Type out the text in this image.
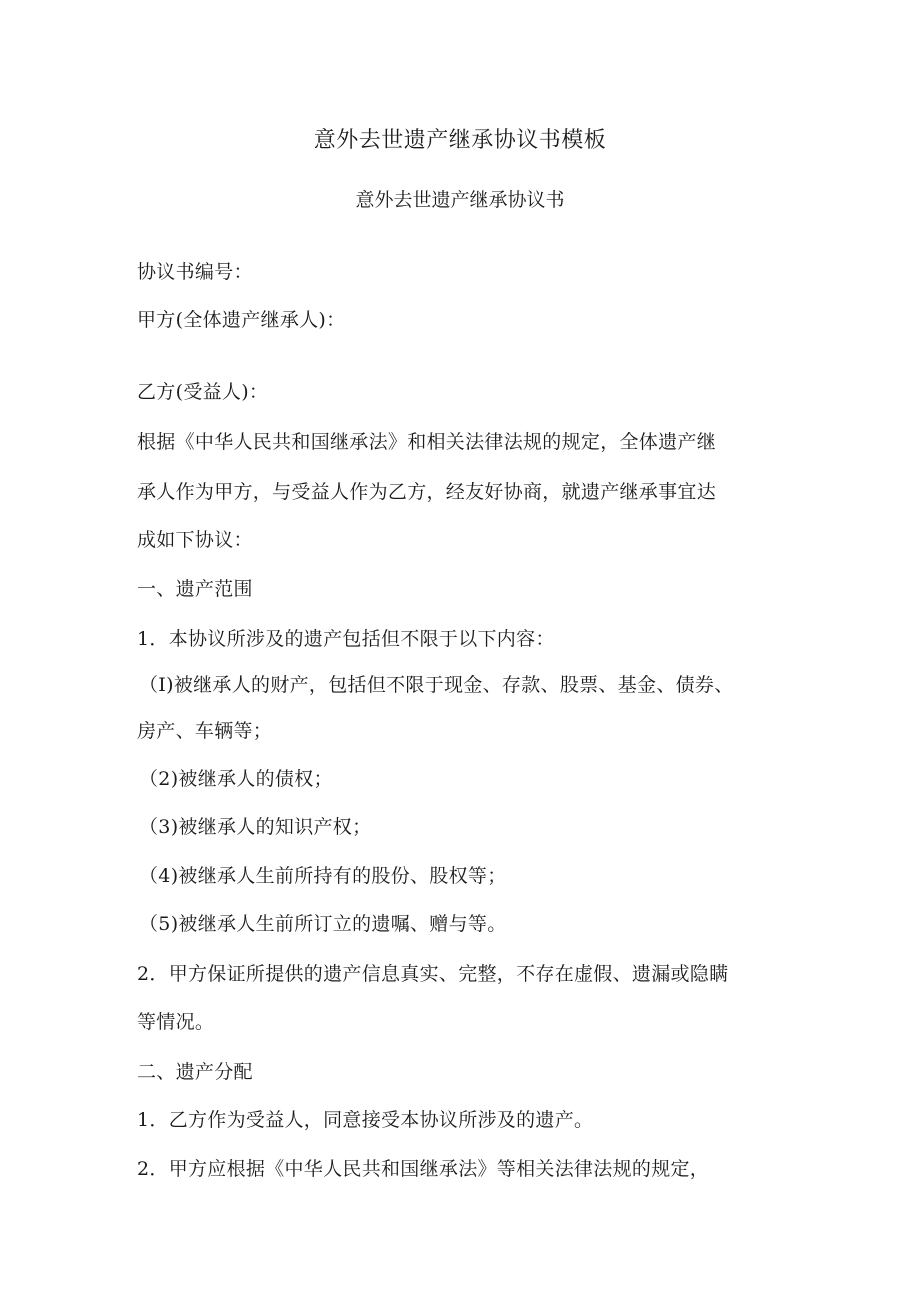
意外去世遗产继承协议书模板
意外去世遗产继承协议书
协议书编号：
甲方(全体遗产继承人)：
乙方(受益人)：
根据《中华人民共和国继承法》和相关法律法规的规定，全体遗产继
承人作为甲方，与受益人作为乙方，经友好协商，就遗产继承事宜达
成如下协议：
一、遗产范围
1．本协议所涉及的遗产包括但不限于以下内容：
（I)被继承人的财产，包括但不限于现金、存款、股票、基金、债券、
房产、车辆等；
（2)被继承人的债权；
（3)被继承人的知识产权；
（4)被继承人生前所持有的股份、股权等；
（5)被继承人生前所订立的遗嘱、赠与等。
2．甲方保证所提供的遗产信息真实、完整，不存在虚假、遗漏或隐瞒
等情况。
二、遗产分配
1．乙方作为受益人，同意接受本协议所涉及的遗产。
2．甲方应根据《中华人民共和国继承法》等相关法律法规的规定，
